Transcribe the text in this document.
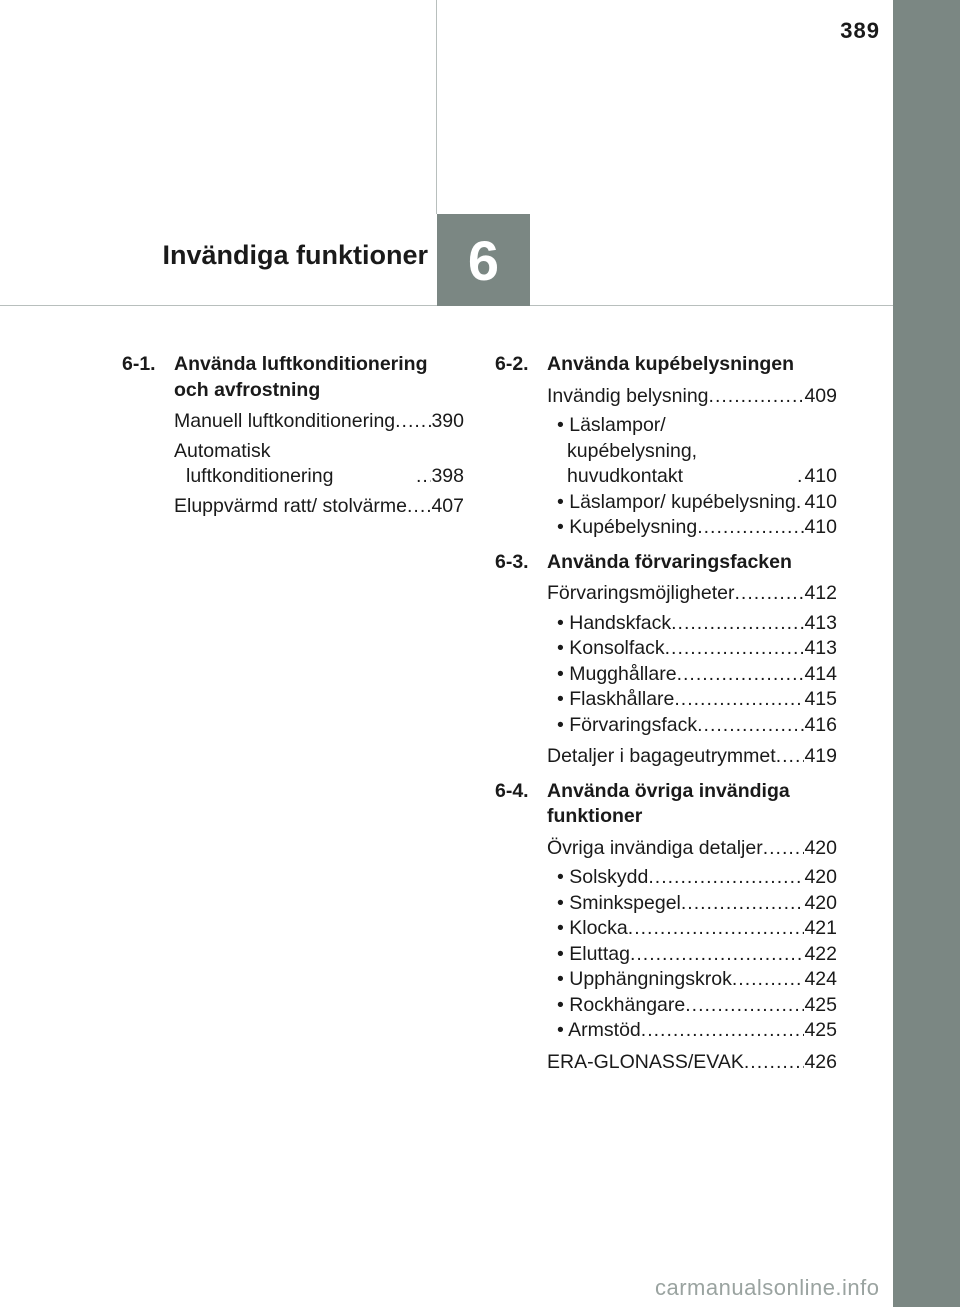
389
Invändiga funktioner 6
6-1. Använda luftkonditionering och avfrostning
Manuell luftkonditionering ..... 390
Automatisk luftkonditionering .....	398
Eluppvärmd ratt/ stolvärme ..... 407
6-2. Använda kupébelysningen
Invändig belysning .....	409
• Läslampor/ kupébelysning, huvudkontakt .....	410
• Läslampor/ kupébelysning ..... 410
• Kupébelysning .....	410
6-3. Använda förvaringsfacken
Förvaringsmöjligheter .....	412
• Handskfack .....	413
• Konsolfack .....	413
• Mugghållare .....	414
• Flaskhållare .....	415
• Förvaringsfack .....	416
Detaljer i bagageutrymmet ..... 419
6-4. Använda övriga invändiga funktioner
Övriga invändiga detaljer ..... 420
• Solskydd .....	420
• Sminkspegel .....	420
• Klocka .....	421
• Eluttag .....	422
• Upphängningskrok .....	424
• Rockhängare .....	425
• Armstöd .....	425
ERA-GLONASS/EVAK .....	426
carmanualsonline.info
